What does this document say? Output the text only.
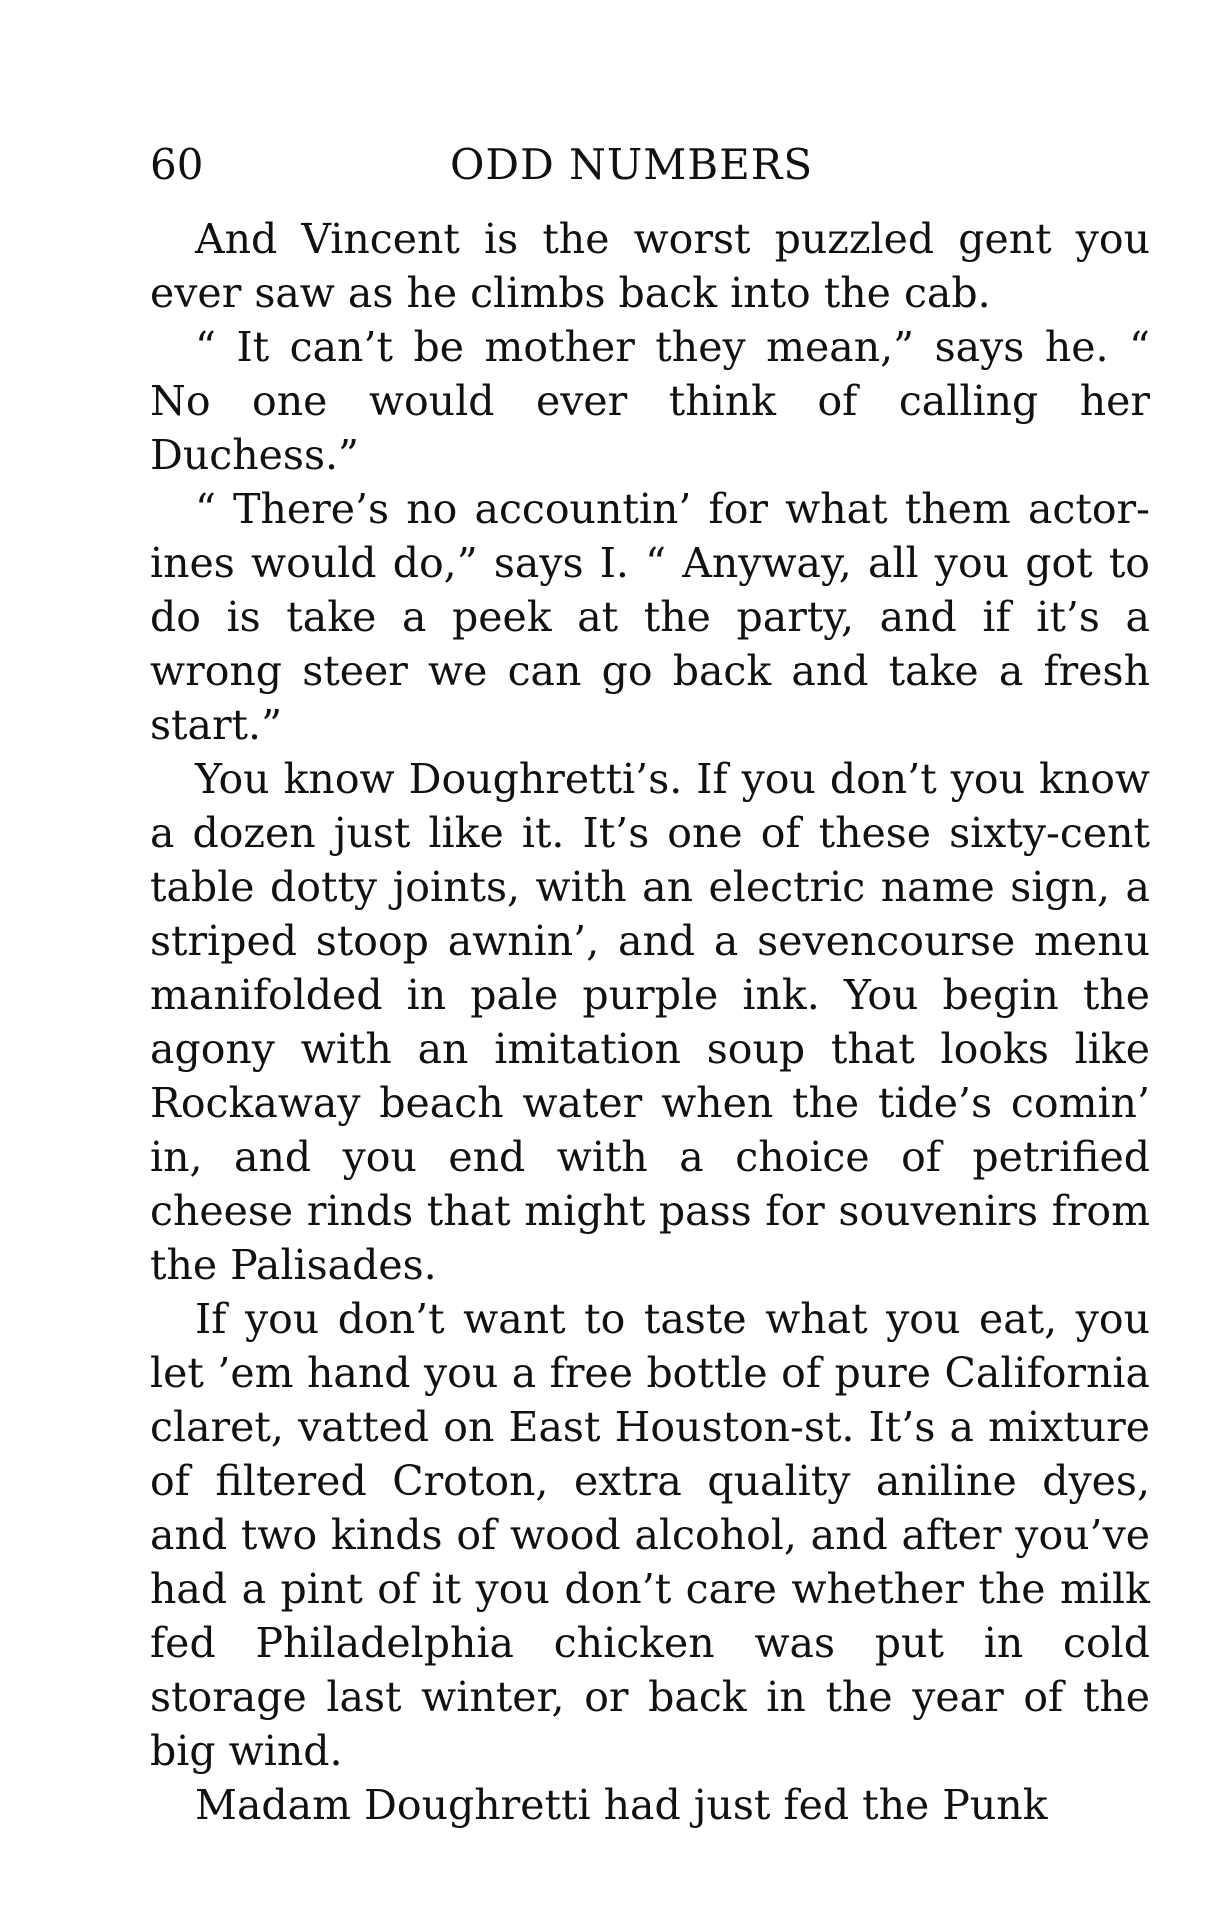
60	ODD NUMBERS

And Vincent is the worst puzzled gent you ever saw as he climbs back into the cab.

“ It can’t be mother they mean,” says he. “ No one would ever think of calling her Duchess.”

“ There’s no accountin’ for what them actorines would do,” says I. “ Anyway, all you got to do is take a peek at the party, and if it’s a wrong steer we can go back and take a fresh start.”

You know Doughretti’s. If you don’t you know a dozen just like it. It’s one of these sixty-cent table dotty joints, with an electric name sign, a striped stoop awnin’, and a sevencourse menu manifolded in pale purple ink. You begin the agony with an imitation soup that looks like Rockaway beach water when the tide’s comin’ in, and you end with a choice of petrified cheese rinds that might pass for souvenirs from the Palisades.

If you don’t want to taste what you eat, you let ’em hand you a free bottle of pure California claret, vatted on East Houston-st. It’s a mixture of filtered Croton, extra quality aniline dyes, and two kinds of wood alcohol, and after you’ve had a pint of it you don’t care whether the milk fed Philadelphia chicken was put in cold storage last winter, or back in the year of the big wind.

Madam Doughretti had just fed the Punk
